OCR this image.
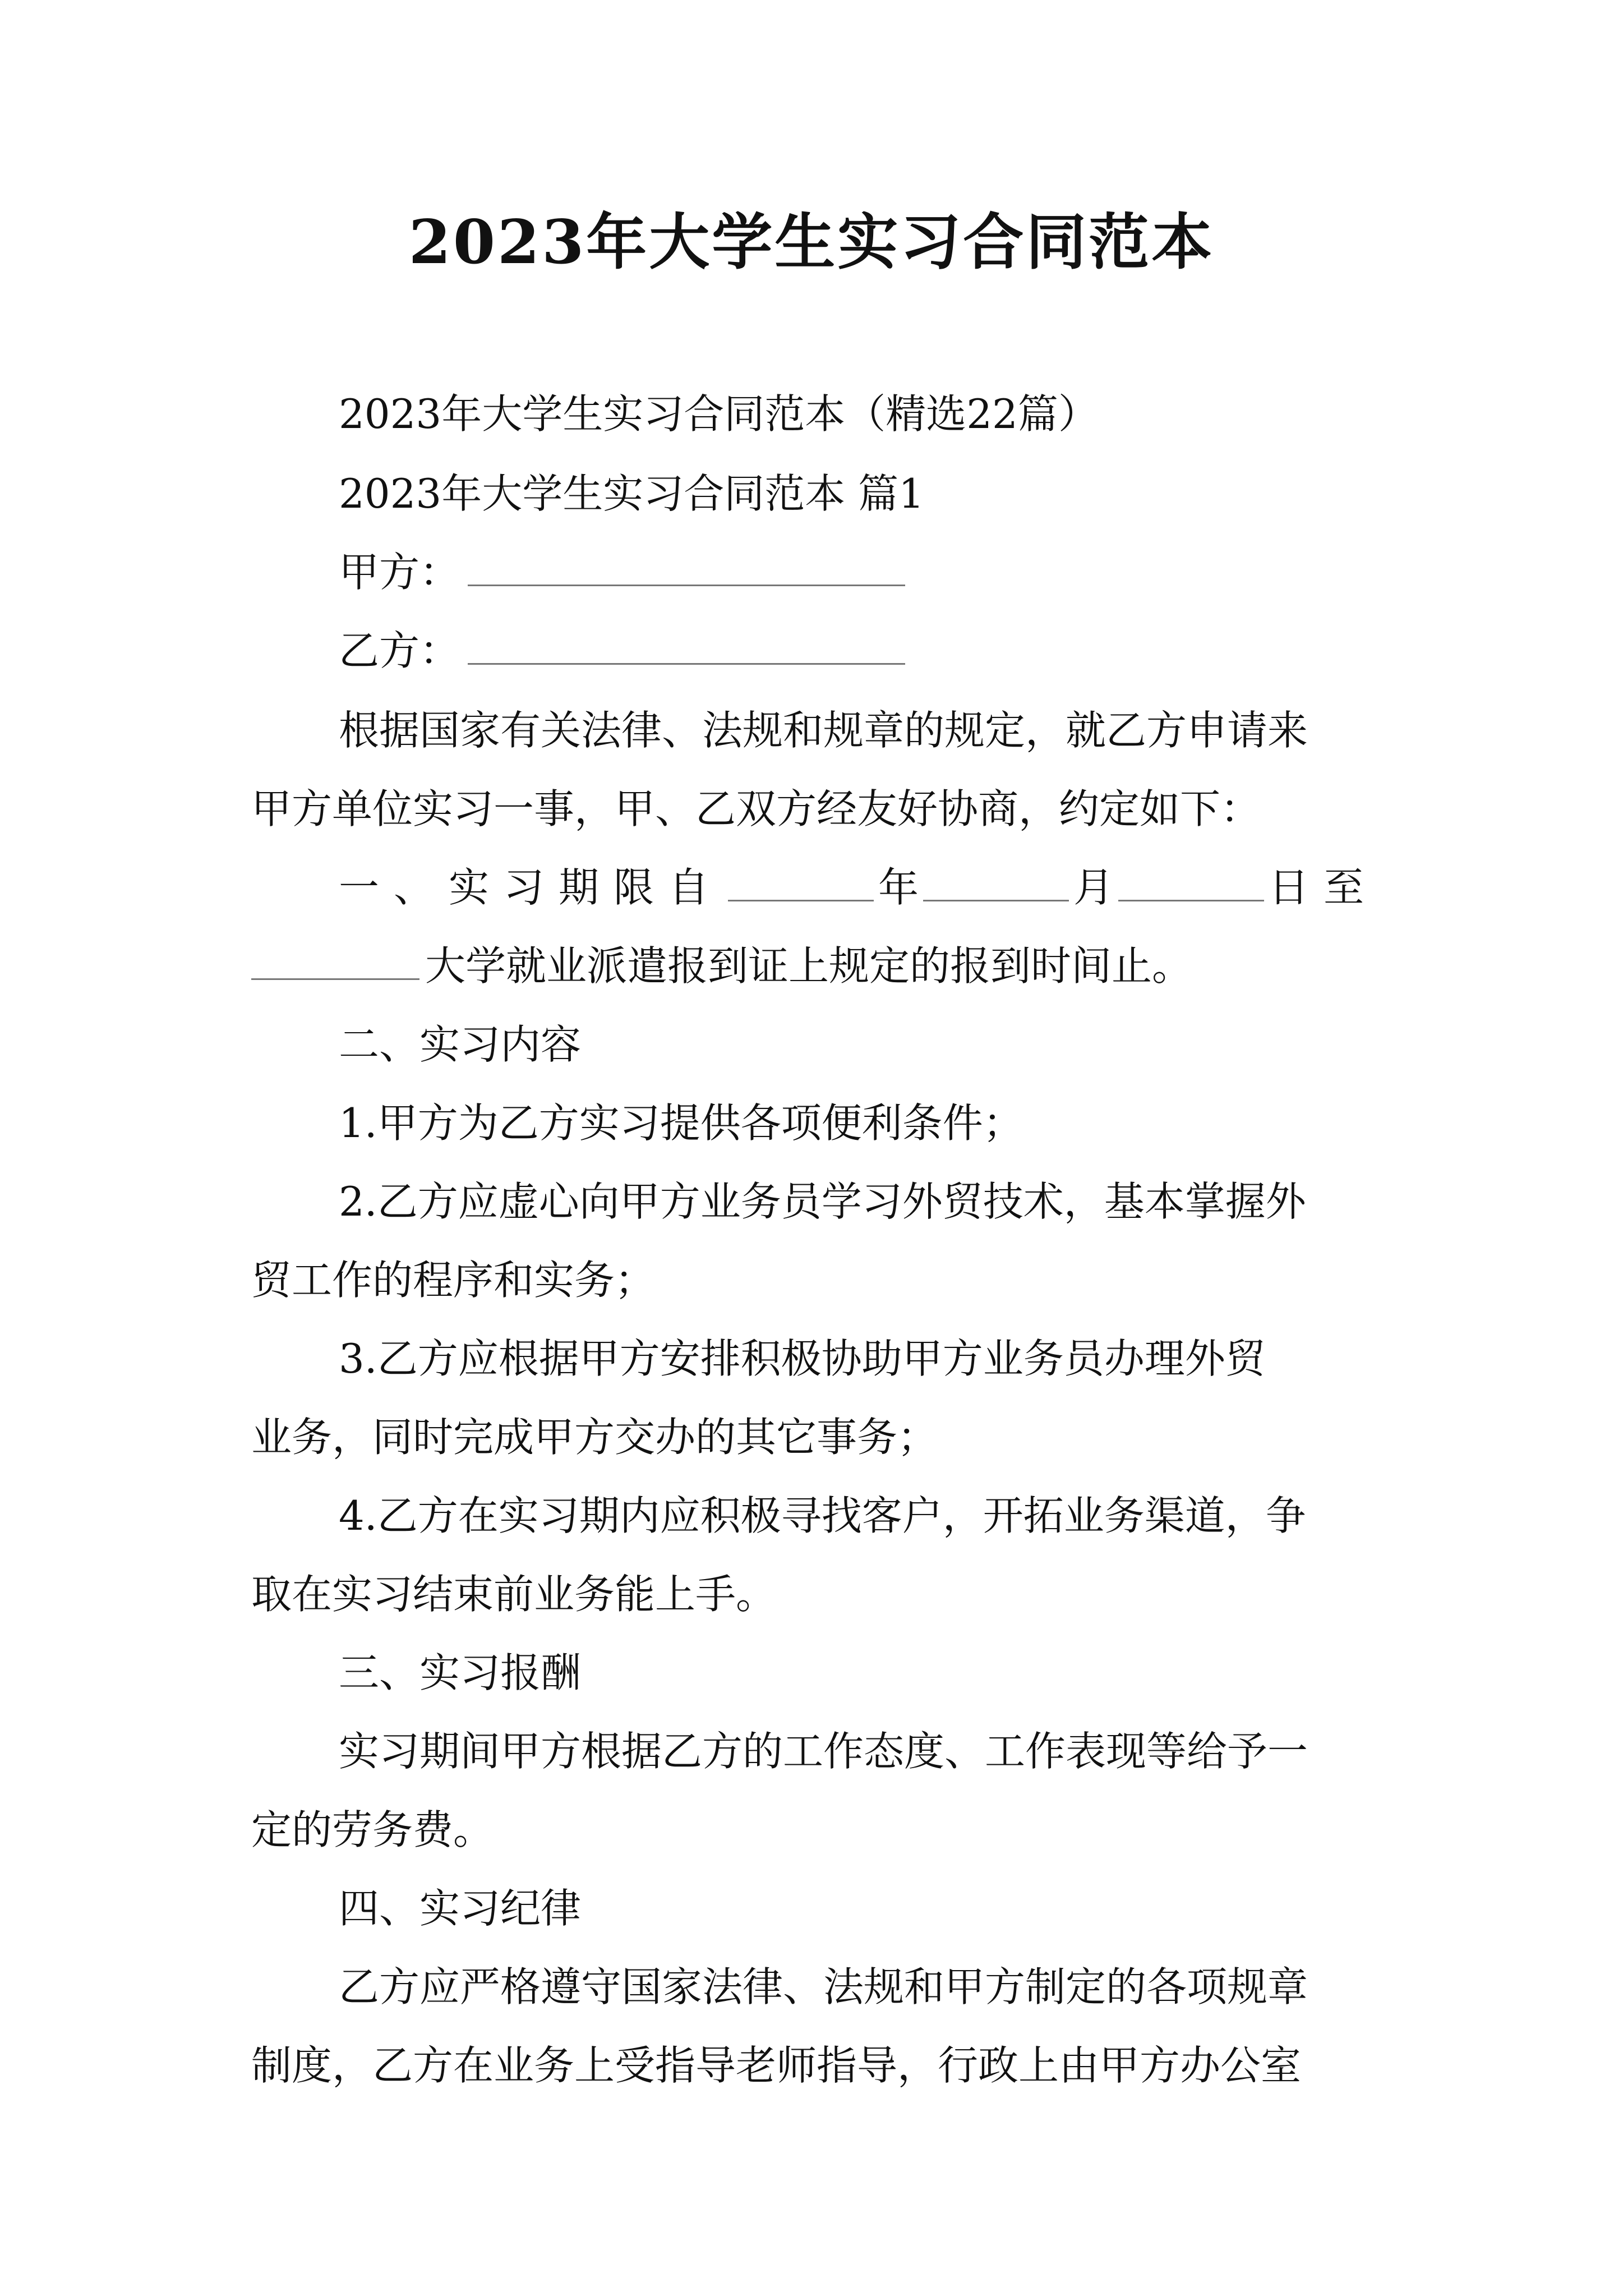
2023年大学生实习合同范本

2023年大学生实习合同范本（精选22篇）

2023年大学生实习合同范本 篇1

甲方：

乙方：

根据国家有关法律、法规和规章的规定，就乙方申请来

甲方单位实习一事，甲、乙双方经友好协商，约定如下：

一、实习期限自	年	月	日至

大学就业派遣报到证上规定的报到时间止。

二、实习内容

1.甲方为乙方实习提供各项便利条件；

2.乙方应虚心向甲方业务员学习外贸技术，基本掌握外

贸工作的程序和实务；

3.乙方应根据甲方安排积极协助甲方业务员办理外贸

业务，同时完成甲方交办的其它事务；

4.乙方在实习期内应积极寻找客户，开拓业务渠道，争

取在实习结束前业务能上手。

三、实习报酬

实习期间甲方根据乙方的工作态度、工作表现等给予一

定的劳务费。

四、实习纪律

乙方应严格遵守国家法律、法规和甲方制定的各项规章

制度，乙方在业务上受指导老师指导，行政上由甲方办公室
